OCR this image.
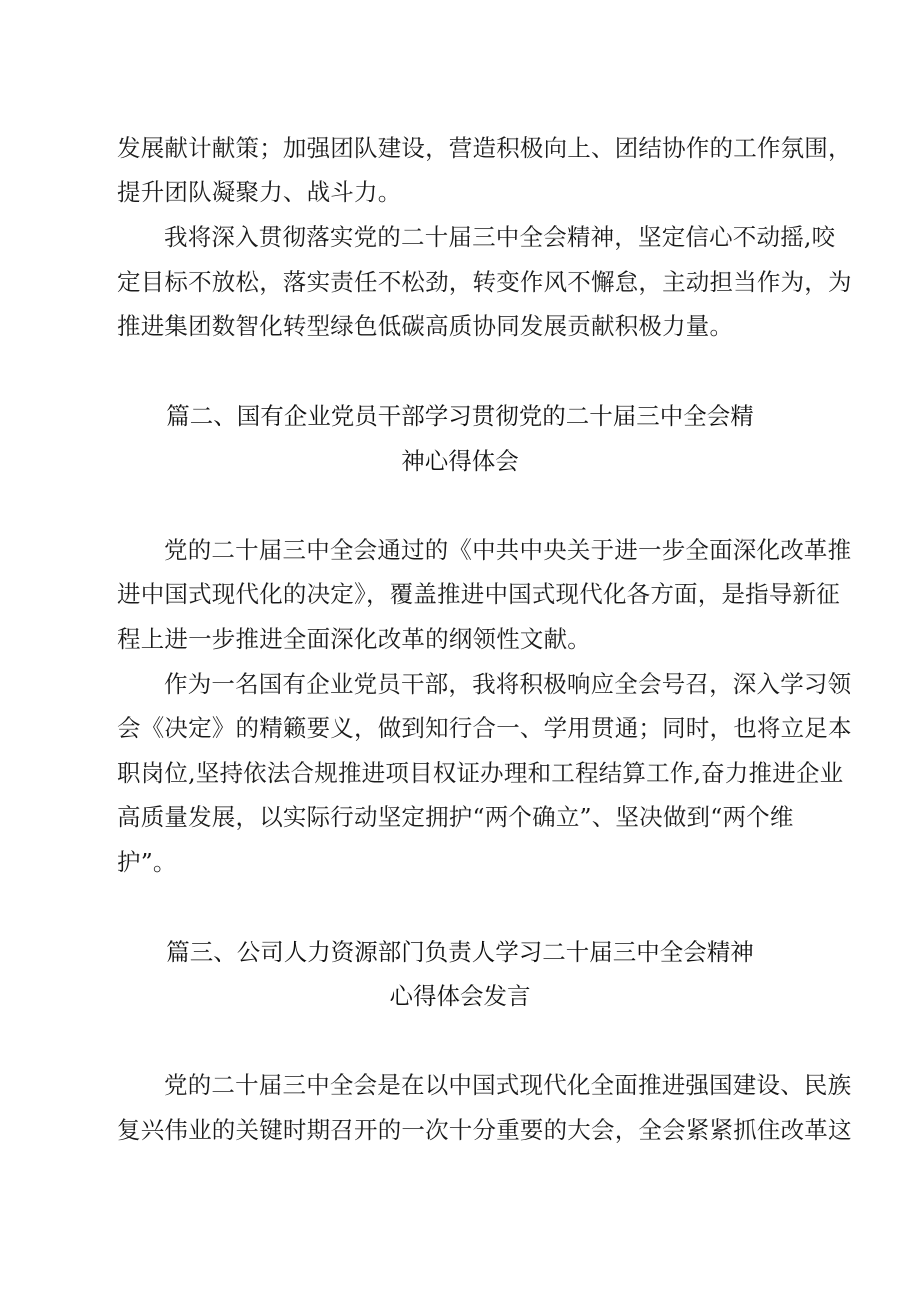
发展献计献策；加强团队建设，营造积极向上、团结协作的工作氛围，
提升团队凝聚力、战斗力。
我将深入贯彻落实党的二十届三中全会精神，坚定信心不动摇,咬
定目标不放松，落实责任不松劲，转变作风不懈怠，主动担当作为，为
推进集团数智化转型绿色低碳高质协同发展贡献积极力量。
篇二、国有企业党员干部学习贯彻党的二十届三中全会精
神心得体会
党的二十届三中全会通过的《中共中央关于进一步全面深化改革推
进中国式现代化的决定》，覆盖推进中国式现代化各方面，是指导新征
程上进一步推进全面深化改革的纲领性文献。
作为一名国有企业党员干部，我将积极响应全会号召，深入学习领
会《决定》的精籁要义，做到知行合一、学用贯通；同时，也将立足本
职岗位,坚持依法合规推进项目权证办理和工程结算工作,奋力推进企业
高质量发展，以实际行动坚定拥护“两个确立”、坚决做到“两个维
护”。
篇三、公司人力资源部门负责人学习二十届三中全会精神
心得体会发言
党的二十届三中全会是在以中国式现代化全面推进强国建设、民族
复兴伟业的关键时期召开的一次十分重要的大会，全会紧紧抓住改革这
